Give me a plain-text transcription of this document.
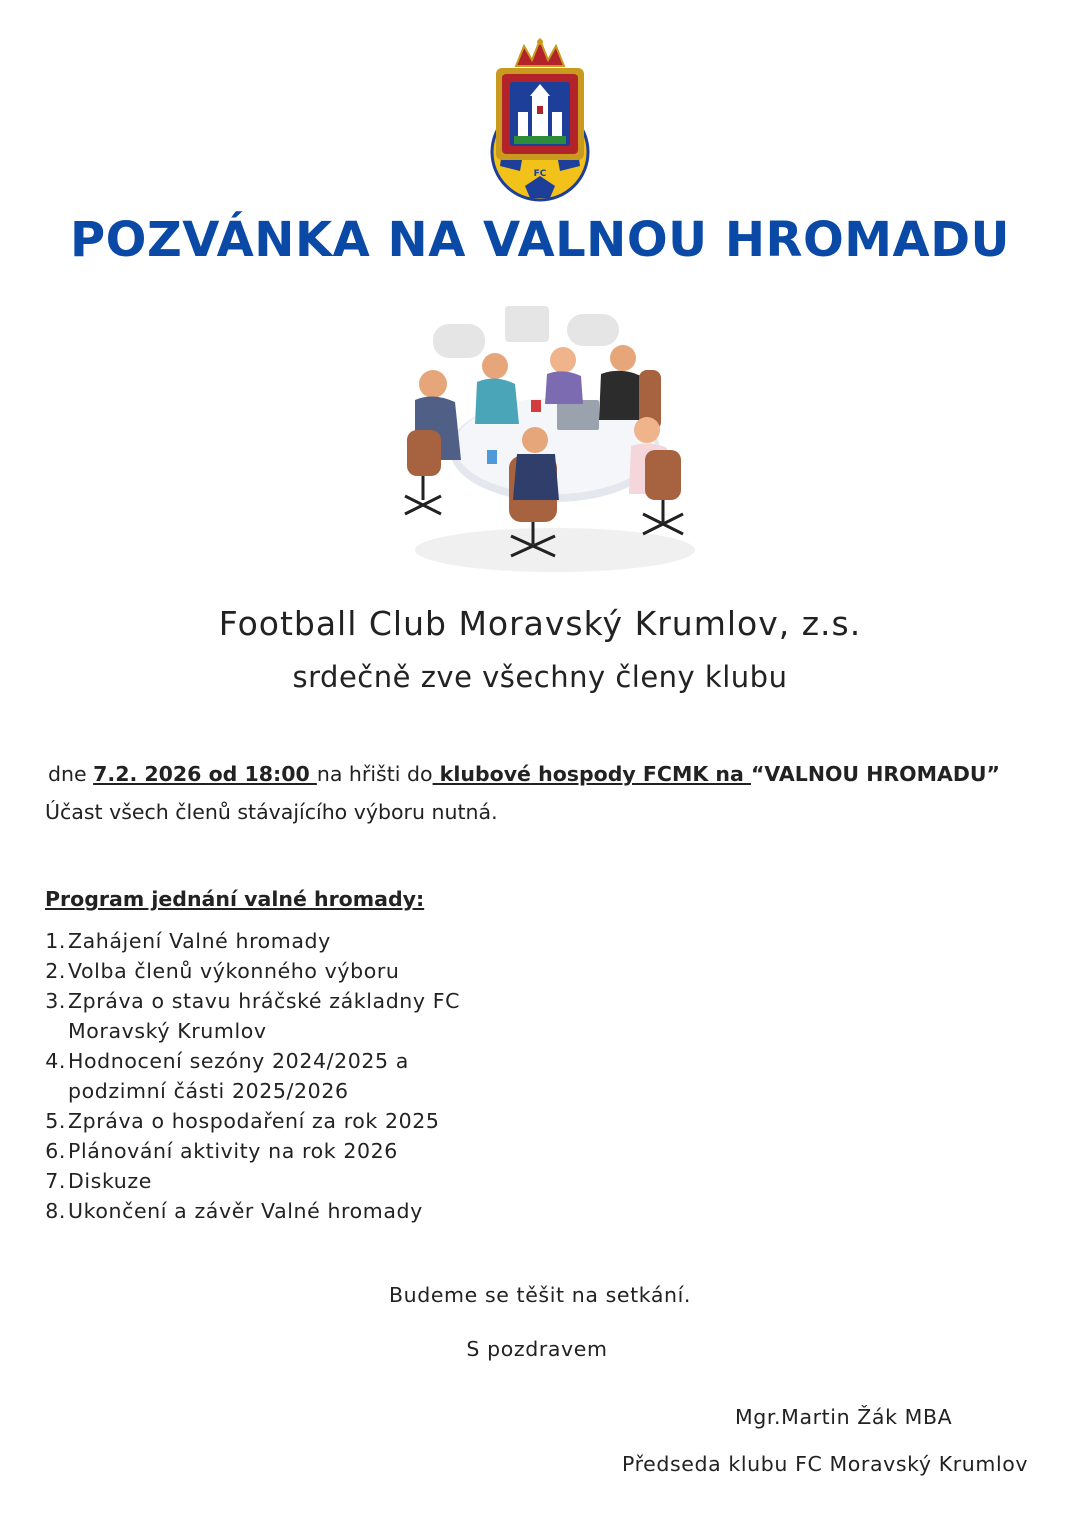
FC
POZVÁNKA NA VALNOU HROMADU
Football Club Moravský Krumlov, z.s.
srdečně zve všechny členy klubu
dne 7.2. 2026 od 18:00 na hřišti do klubové hospody FCMK na “VALNOU HROMADU”
Účast všech členů stávajícího výboru nutná.
Program jednání valné hromady:
1. Zahájení Valné hromady
2. Volba členů výkonného výboru
3. Zpráva o stavu hráčské základny FC
Moravský Krumlov
4. Hodnocení sezóny 2024/2025 a
podzimní části 2025/2026
5. Zpráva o hospodaření za rok 2025
6. Plánování aktivity na rok 2026
7. Diskuze
8. Ukončení a závěr Valné hromady
Budeme se těšit na setkání.
S pozdravem
Mgr.Martin Žák MBA
Předseda klubu FC Moravský Krumlov
